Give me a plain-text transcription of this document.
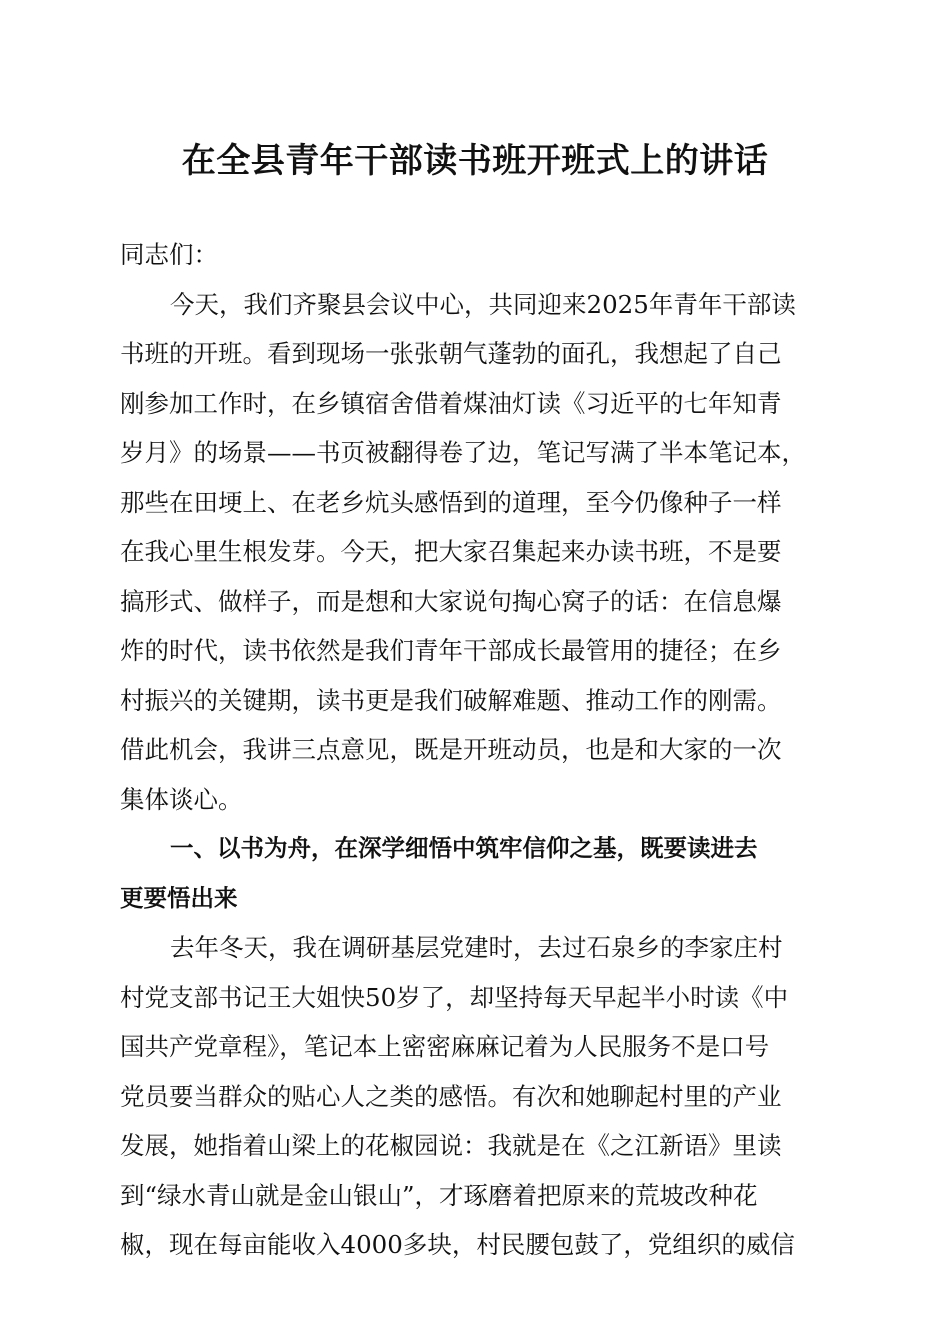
在全县青年干部读书班开班式上的讲话
同志们：
今天，我们齐聚县会议中心，共同迎来2025年青年干部读
书班的开班。看到现场一张张朝气蓬勃的面孔，我想起了自己
刚参加工作时，在乡镇宿舍借着煤油灯读《习近平的七年知青
岁月》的场景——书页被翻得卷了边，笔记写满了半本笔记本，
那些在田埂上、在老乡炕头感悟到的道理，至今仍像种子一样
在我心里生根发芽。今天，把大家召集起来办读书班，不是要
搞形式、做样子，而是想和大家说句掏心窝子的话：在信息爆
炸的时代，读书依然是我们青年干部成长最管用的捷径；在乡
村振兴的关键期，读书更是我们破解难题、推动工作的刚需。
借此机会，我讲三点意见，既是开班动员，也是和大家的一次
集体谈心。
一、以书为舟，在深学细悟中筑牢信仰之基，既要读进去
更要悟出来
去年冬天，我在调研基层党建时，去过石泉乡的李家庄村
村党支部书记王大姐快50岁了，却坚持每天早起半小时读《中
国共产党章程》，笔记本上密密麻麻记着为人民服务不是口号
党员要当群众的贴心人之类的感悟。有次和她聊起村里的产业
发展，她指着山梁上的花椒园说：我就是在《之江新语》里读
到“绿水青山就是金山银山”，才琢磨着把原来的荒坡改种花
椒，现在每亩能收入4000多块，村民腰包鼓了，党组织的威信
